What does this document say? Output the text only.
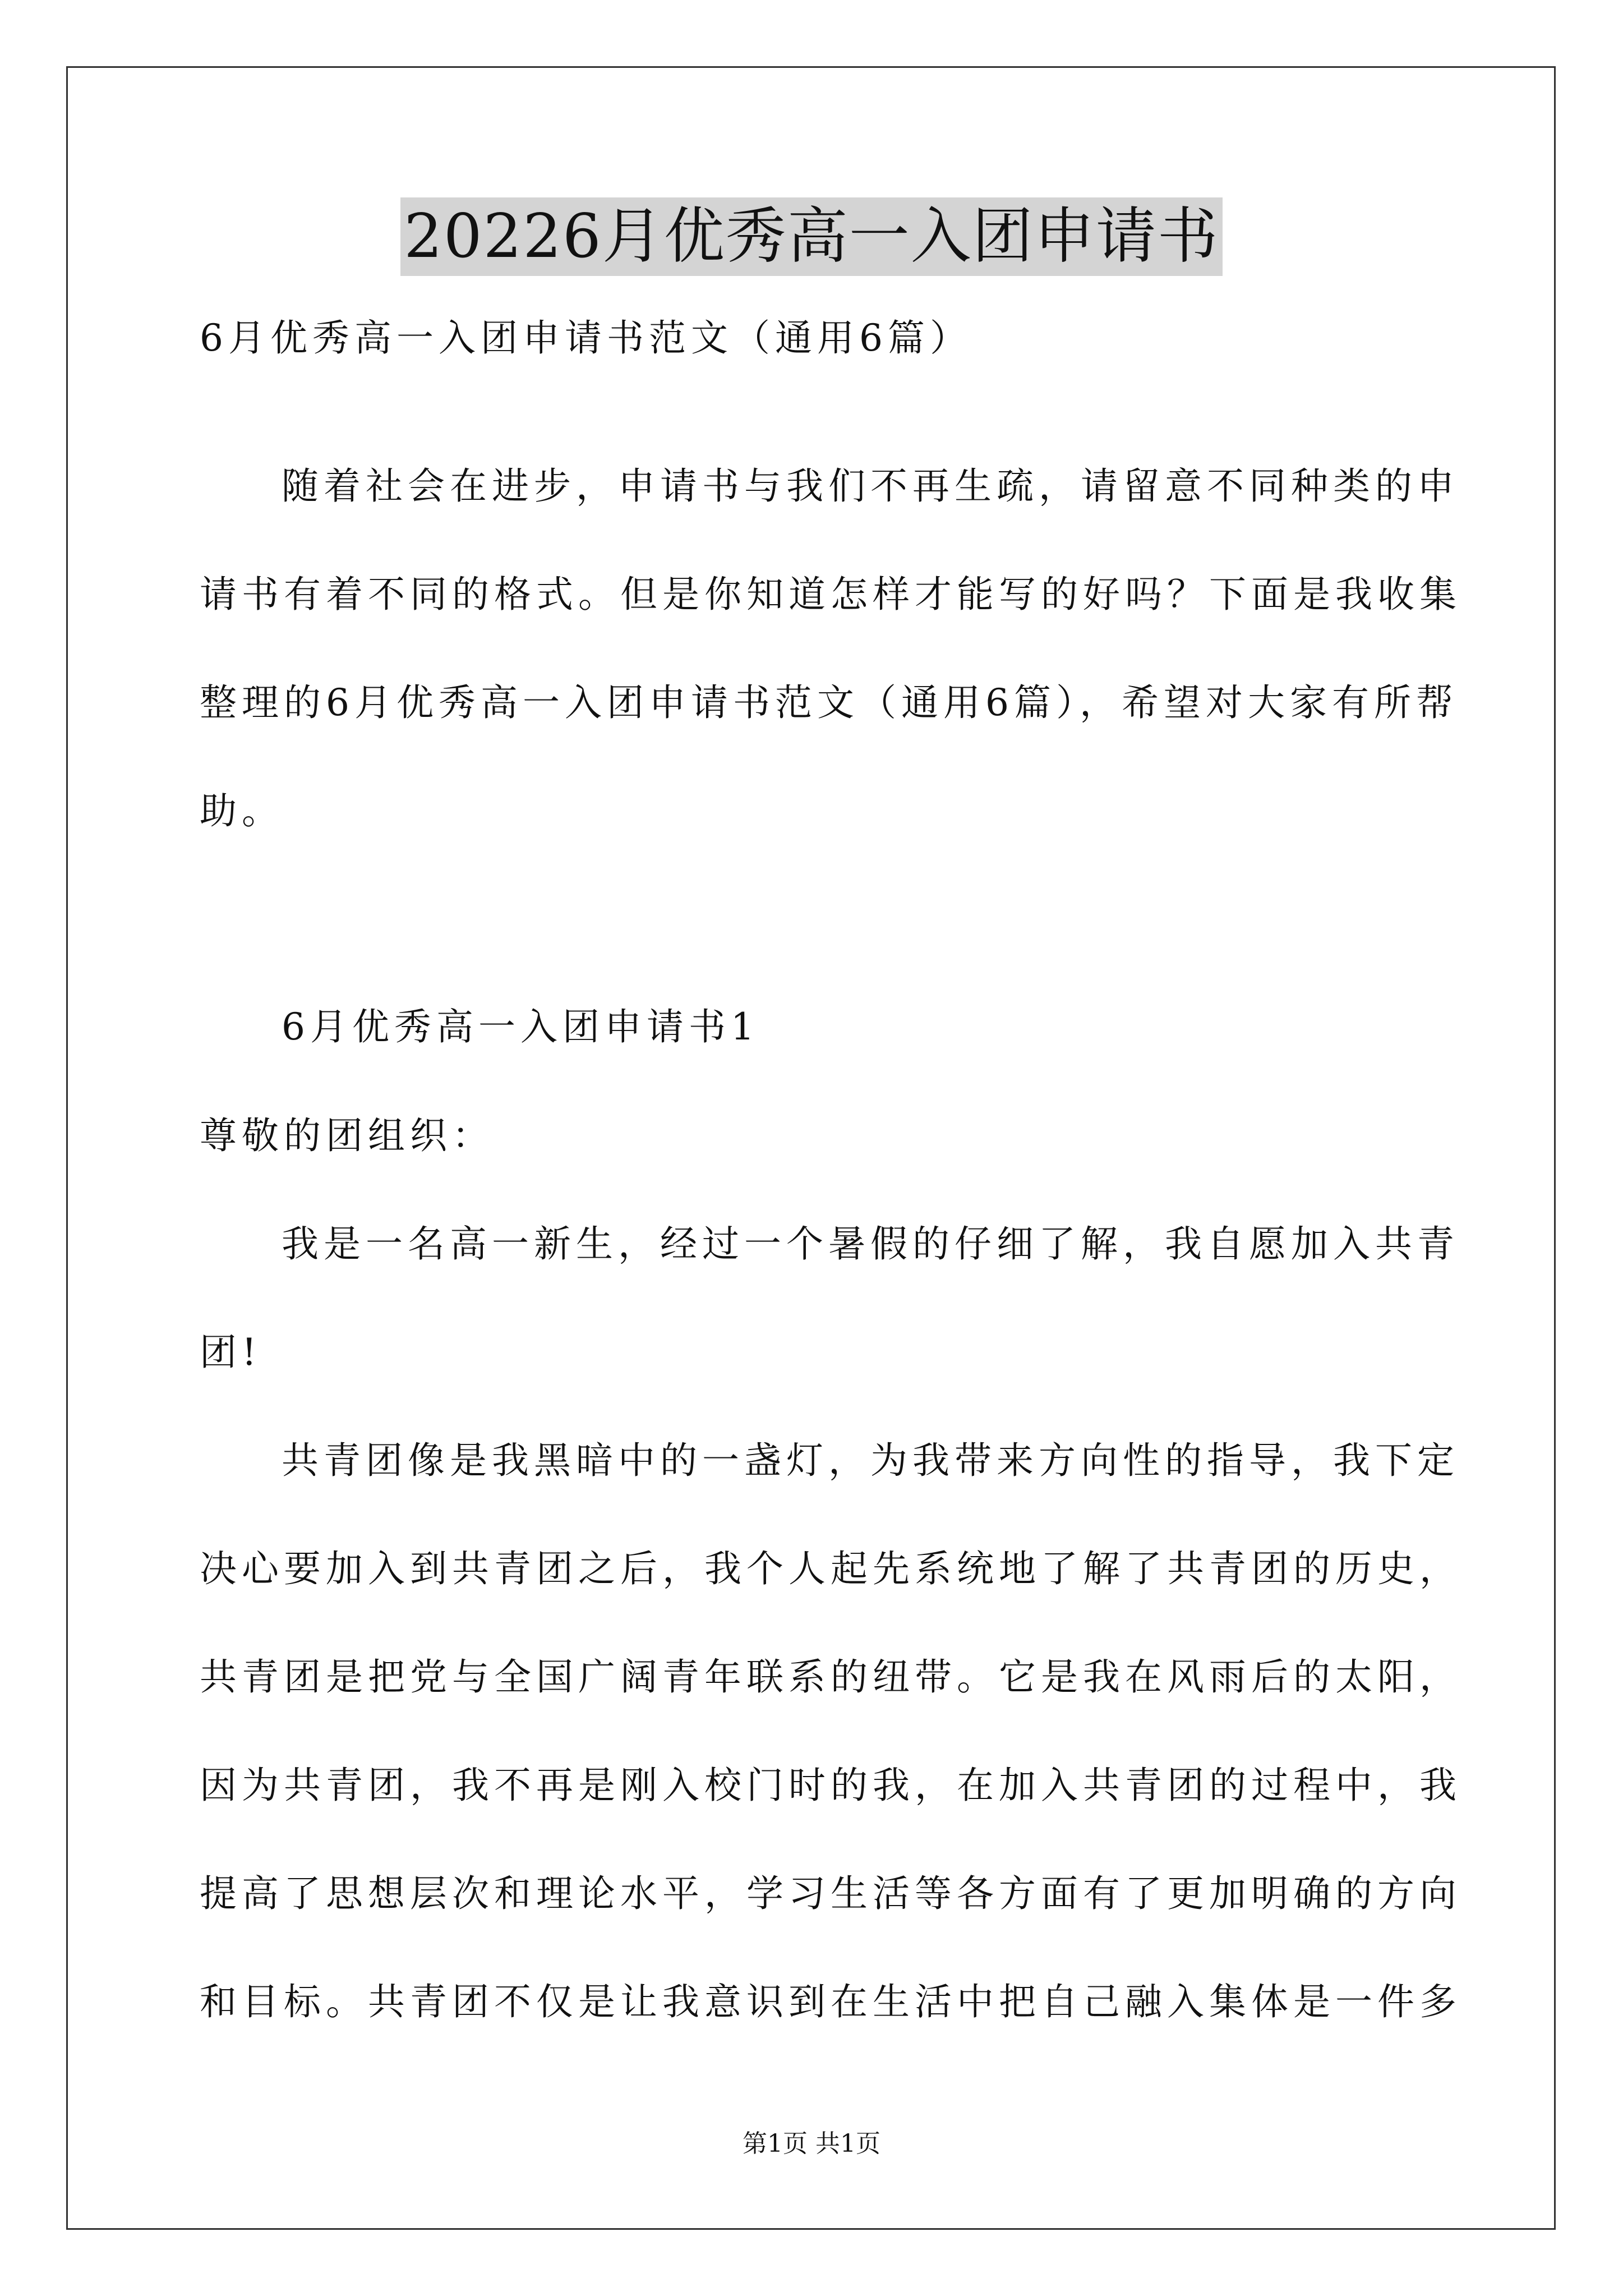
20226月优秀高一入团申请书
6月优秀高一入团申请书范文（通用6篇）
随着社会在进步，申请书与我们不再生疏，请留意不同种类的申
请书有着不同的格式。但是你知道怎样才能写的好吗？下面是我收集
整理的6月优秀高一入团申请书范文（通用6篇），希望对大家有所帮
助。
6月优秀高一入团申请书1
尊敬的团组织：
我是一名高一新生，经过一个暑假的仔细了解，我自愿加入共青
团!
共青团像是我黑暗中的一盏灯，为我带来方向性的指导，我下定
决心要加入到共青团之后，我个人起先系统地了解了共青团的历史，
共青团是把党与全国广阔青年联系的纽带。它是我在风雨后的太阳，
因为共青团，我不再是刚入校门时的我，在加入共青团的过程中，我
提高了思想层次和理论水平，学习生活等各方面有了更加明确的方向
和目标。共青团不仅是让我意识到在生活中把自己融入集体是一件多
第1页 共1页
